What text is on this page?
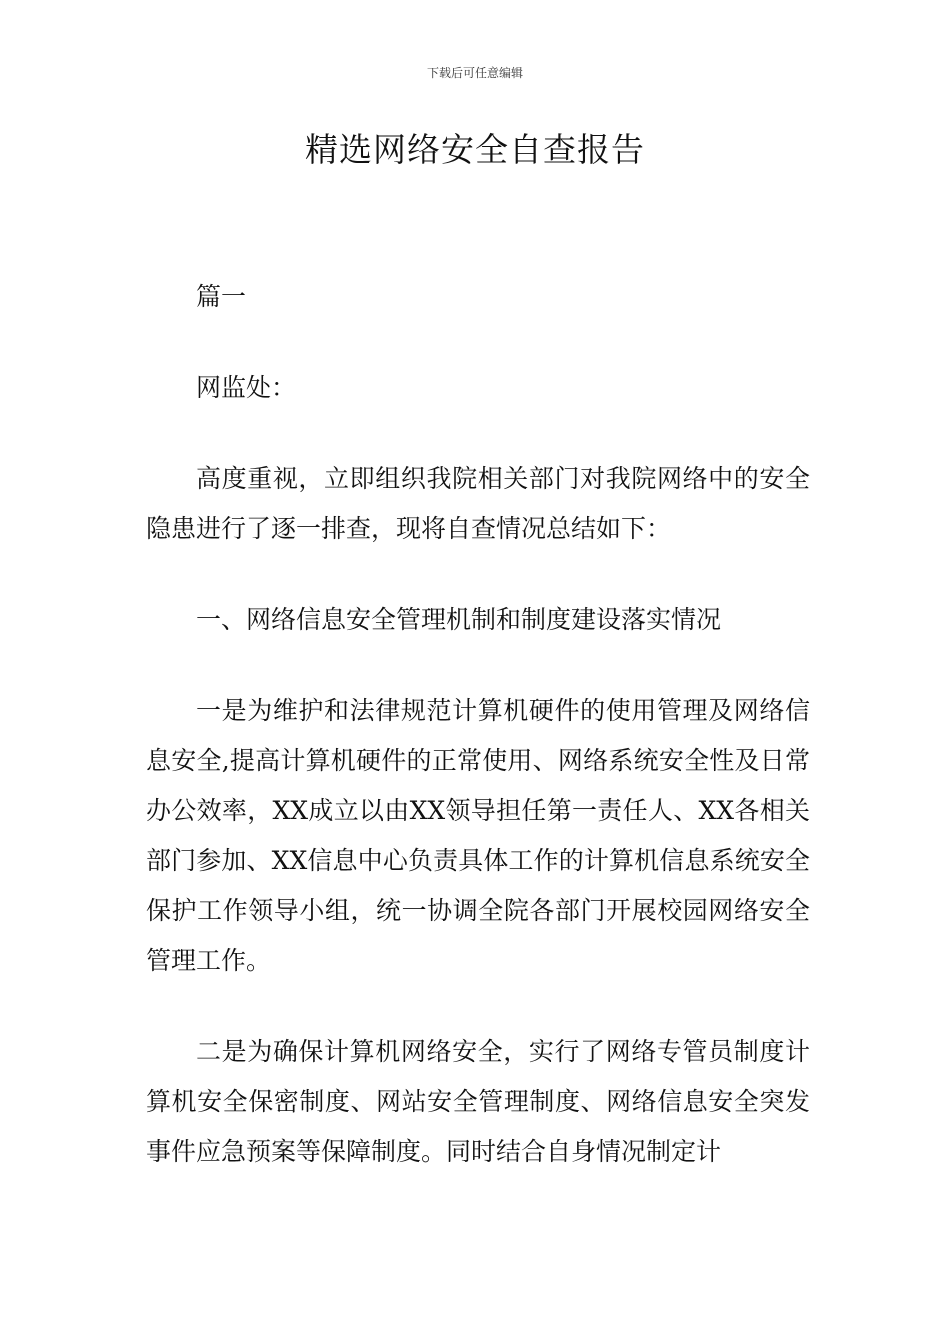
下载后可任意编辑
精选网络安全自查报告

篇一

网监处：

高度重视，立即组织我院相关部门对我院网络中的安全隐患进行了逐一排查，现将自查情况总结如下：

一、网络信息安全管理机制和制度建设落实情况

一是为维护和法律规范计算机硬件的使用管理及网络信息安全,提高计算机硬件的正常使用、网络系统安全性及日常办公效率，XX成立以由XX领导担任第一责任人、XX各相关部门参加、XX信息中心负责具体工作的计算机信息系统安全保护工作领导小组，统一协调全院各部门开展校园网络安全管理工作。

二是为确保计算机网络安全，实行了网络专管员制度计算机安全保密制度、网站安全管理制度、网络信息安全突发事件应急预案等保障制度。同时结合自身情况制定计
